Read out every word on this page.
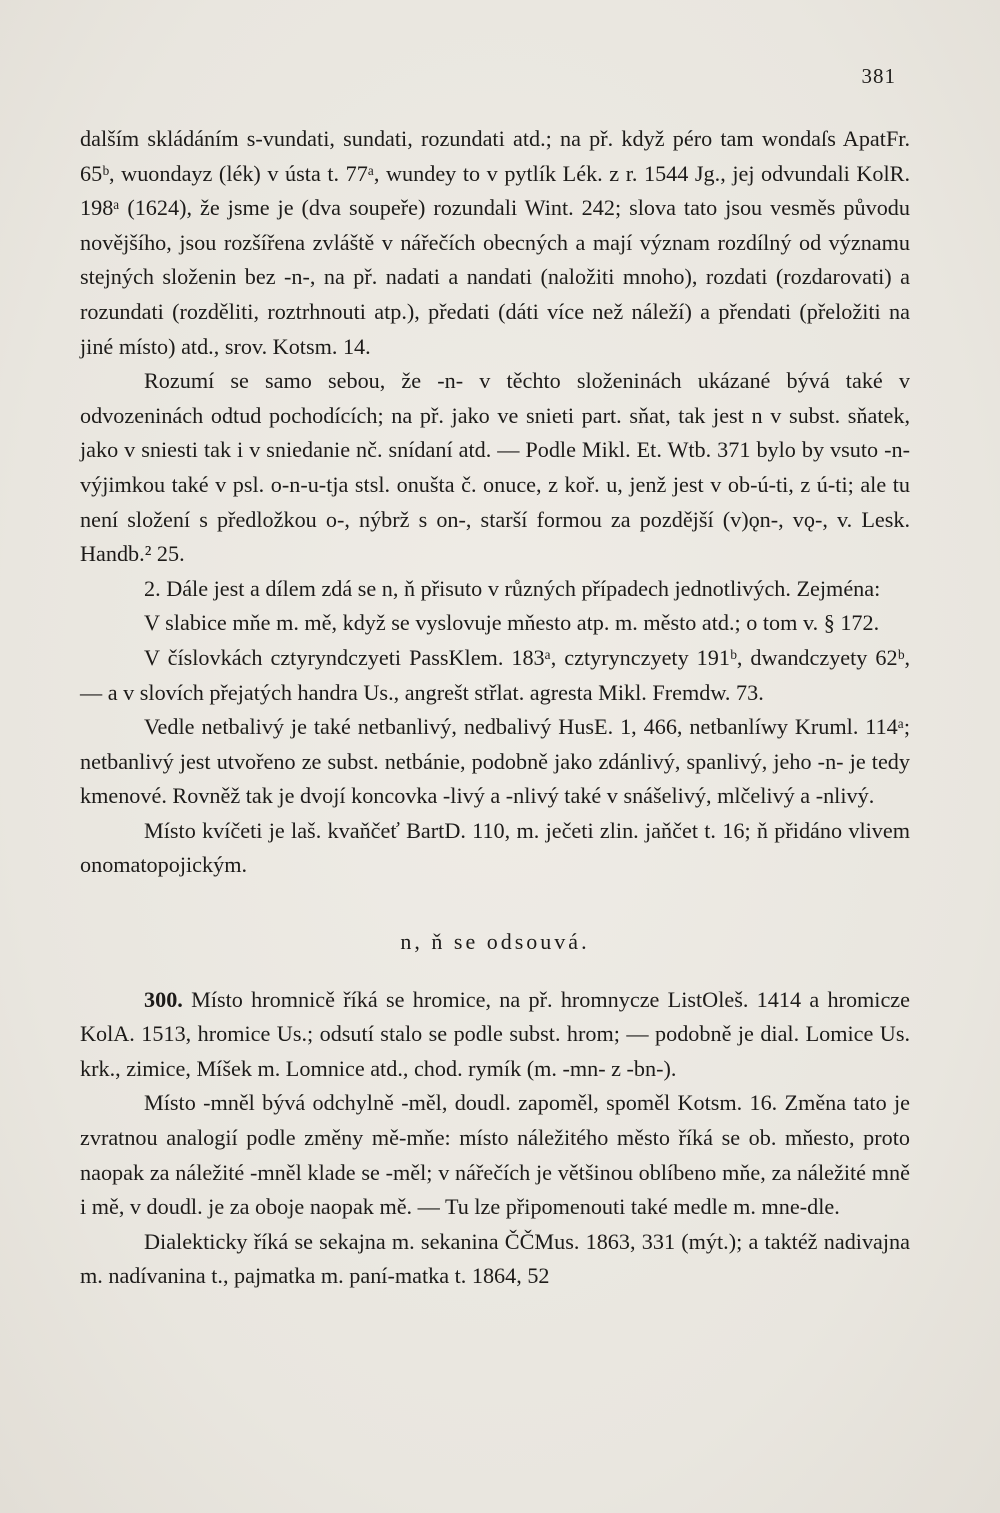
381

dalším skládáním s-vundati, sundati, rozundati atd.; na př. když péro tam wondaſs ApatFr. 65ᵇ, wuondayz (lék) v ústa t. 77ᵃ, wundey to v pytlík Lék. z r. 1544 Jg., jej odvundali KolR. 198ᵃ (1624), že jsme je (dva soupeře) rozundali Wint. 242; slova tato jsou vesměs původu novějšího, jsou rozšířena zvláště v nářečích obecných a mají význam rozdílný od významu stejných složenin bez -n-, na př. nadati a nandati (naložiti mnoho), rozdati (rozdarovati) a rozundati (rozděliti, roztrhnouti atp.), předati (dáti více než náleží) a přendati (přeložiti na jiné místo) atd., srov. Kotsm. 14.

Rozumí se samo sebou, že -n- v těchto složeninách ukázané bývá také v odvozeninách odtud pochodících; na př. jako ve snieti part. sňat, tak jest n v subst. sňatek, jako v sniesti tak i v sniedanie nč. snídaní atd. — Podle Mikl. Et. Wtb. 371 bylo by vsuto -n- výjimkou také v psl. o-n-u-tja stsl. onušta č. onuce, z koř. u, jenž jest v ob-ú-ti, z ú-ti; ale tu není složení s předložkou o-, nýbrž s on-, starší formou za pozdější (v)ǫn-, vǫ-, v. Lesk. Handb.² 25.

2. Dále jest a dílem zdá se n, ň přisuto v různých případech jednotlivých. Zejména:

V slabice mňe m. mě, když se vyslovuje mňesto atp. m. město atd.; o tom v. § 172.

V číslovkách cztyryndczyeti PassKlem. 183ᵃ, cztyrynczyety 191ᵇ, dwandczyety 62ᵇ, — a v slovích přejatých handra Us., angrešt střlat. agresta Mikl. Fremdw. 73.

Vedle netbalivý je také netbanlivý, nedbalivý HusE. 1, 466, netbanlíwy Kruml. 114ᵃ; netbanlivý jest utvořeno ze subst. netbánie, podobně jako zdánlivý, spanlivý, jeho -n- je tedy kmenové. Rovněž tak je dvojí koncovka -livý a -nlivý také v snášelivý, mlčelivý a -nlivý.

Místo kvíčeti je laš. kvaňčeť BartD. 110, m. ječeti zlin. jaňčet t. 16; ň přidáno vlivem onomatopojickým.

n, ň se odsouvá.

300. Místo hromnicě říká se hromice, na př. hromnycze ListOleš. 1414 a hromicze KolA. 1513, hromice Us.; odsutí stalo se podle subst. hrom; — podobně je dial. Lomice Us. krk., zimice, Míšek m. Lomnice atd., chod. rymík (m. -mn- z -bn-).

Místo -mněl bývá odchylně -měl, doudl. zapoměl, spoměl Kotsm. 16. Změna tato je zvratnou analogií podle změny mě-mňe: místo náležitého město říká se ob. mňesto, proto naopak za náležité -mněl klade se -měl; v nářečích je většinou oblíbeno mňe, za náležité mně i mě, v doudl. je za oboje naopak mě. — Tu lze připomenouti také medle m. mne-dle.

Dialekticky říká se sekajna m. sekanina ČČMus. 1863, 331 (mýt.); a taktéž nadivajna m. nadívanina t., pajmatka m. paní-matka t. 1864, 52
